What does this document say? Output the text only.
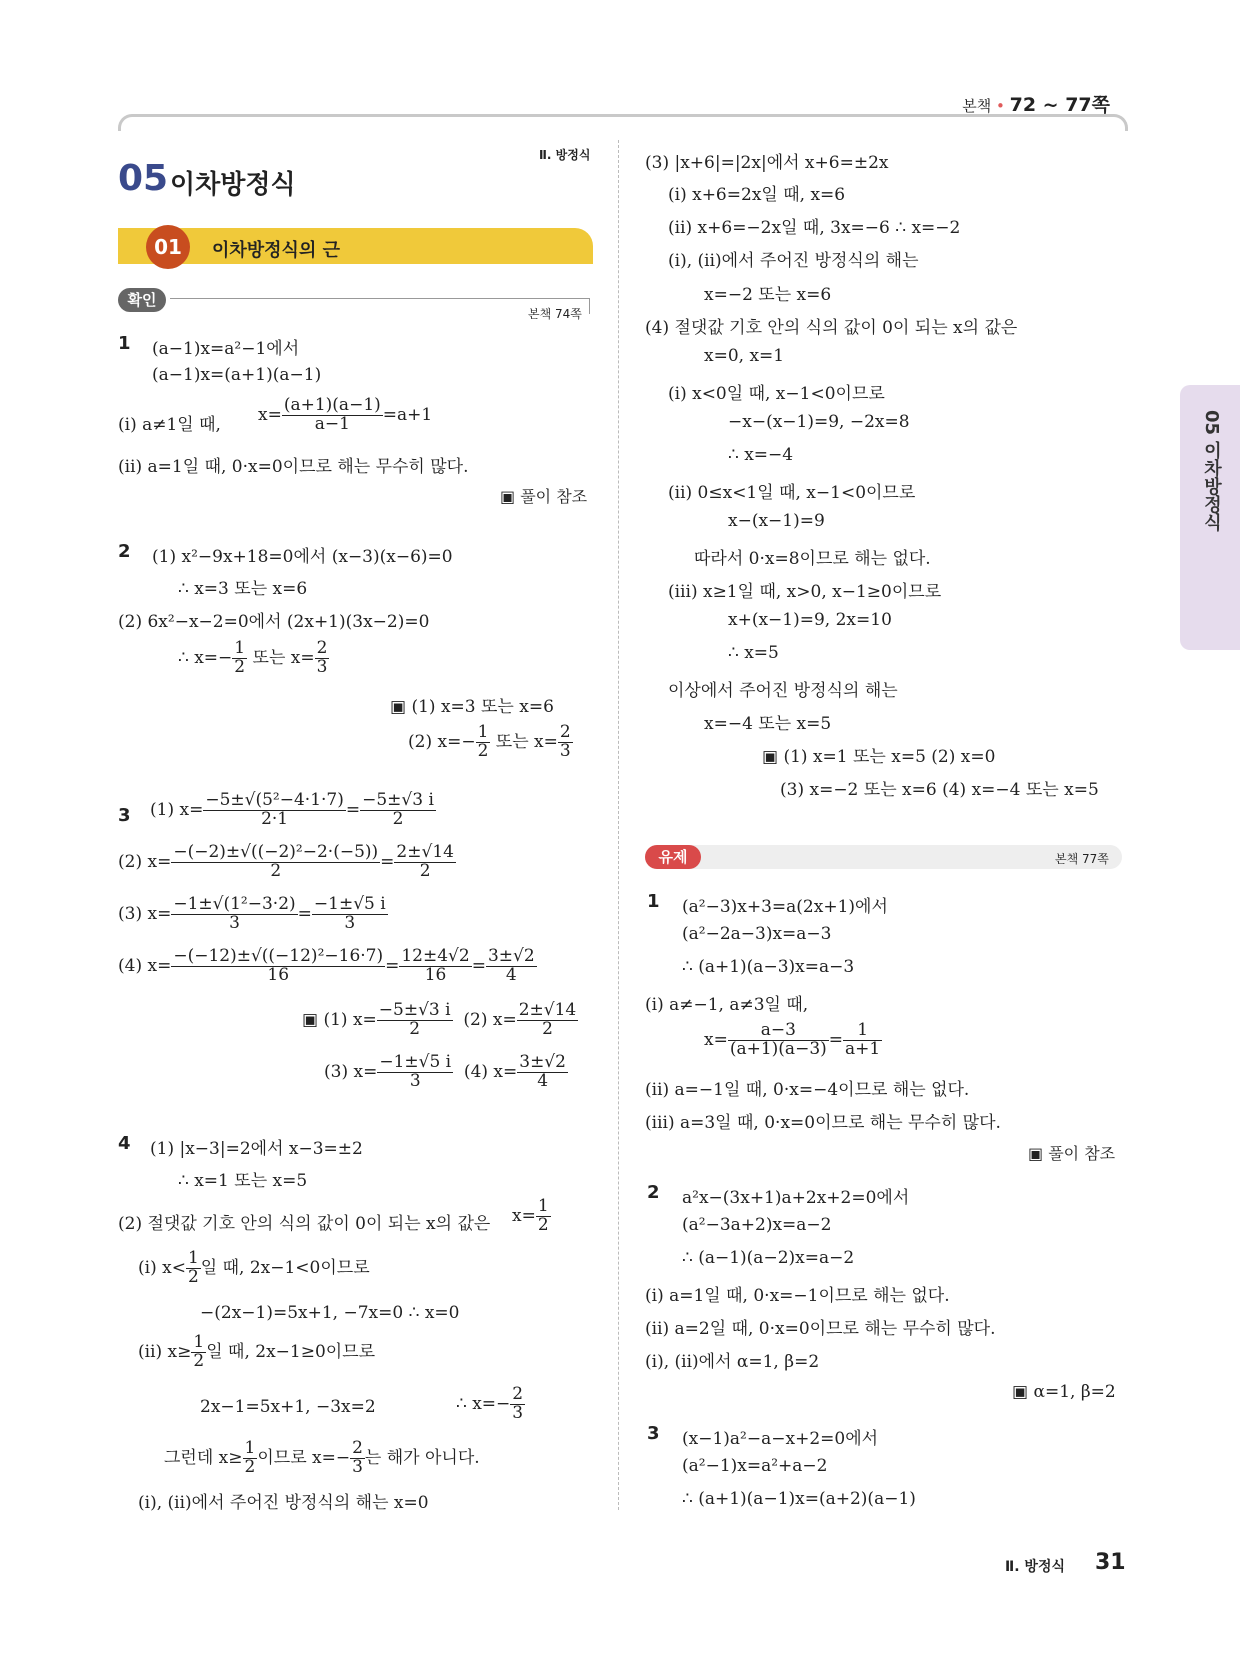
본책 • 72 ~ 77쪽
05 이차방정식
Ⅱ. 방정식
05 이차방정식
01	이차방정식의 근
확인
본책 74쪽
1 (a−1)x=a²−1에서
(a−1)x=(a+1)(a−1)
(ⅰ) a≠1일 때,
$x= \frac{(a+1)(a-1)}{a-1} =a+1$
(ⅱ) a=1일 때, 0·x=0이므로 해는 무수히 많다.
▣ 풀이 참조
2 (1) x²−9x+18=0에서 (x−3)(x−6)=0
∴ x=3 또는 x=6
(2) 6x²−x−2=0에서 (2x+1)(3x−2)=0
∴ $x=- \frac{1}{2}$ 또는 $x= \frac{2}{3}$
▣ (1) x=3 또는 x=6
(2) $x=- \frac{1}{2}$ 또는 $x= \frac{2}{3}$
3 (1) $x= \frac{\text{−5±√(5²−4·1·7)}}{2\cdot 1} = \frac{-5\pm√3 i}{2}$
(2) $x= \frac{\text{−(−2)±√((−2)²−2·(−5))}}{2} = \frac{2\pm√14}{2}$
(3) $x= \frac{\text{−1±√(1²−3·2)}}{3} = \frac{-1\pm√5 i}{3}$
(4) $x= \frac{\text{−(−12)±√((−12)²−16·7)}}{16} = \frac{12\pm 4√2}{16} = \frac{3\pm√2}{4}$
▣ (1) $x= \frac{-5\pm√3 i}{2} (2)$ $x= \frac{2\pm√14}{2}$
(3) $x= \frac{-1\pm√5 i}{3} (4)$ $x= \frac{3\pm√2}{4}$
4 (1) |x−3|=2에서 x−3=±2
∴ x=1 또는 x=5
(2) 절댓값 기호 안의 식의 값이 0이 되는 x의 값은 $x= \frac{1}{2}$
(ⅰ) $x< \frac{1}{2}$ 일 때, 2x−1<0이므로
−(2x−1)=5x+1, −7x=0 ∴ x=0
(ⅱ) $x\ge \frac{1}{2}$ 일 때, 2x−1≥0이므로
2x−1=5x+1, −3x=2	∴ $x=- \frac{2}{3}$
그런데 $x\ge \frac{1}{2}$ 이므로 $x=- \frac{2}{3}$ 는 해가 아니다.
(ⅰ), (ⅱ)에서 주어진 방정식의 해는 x=0
(3) |x+6|=|2x|에서 x+6=±2x
(ⅰ) x+6=2x일 때, x=6
(ⅱ) x+6=−2x일 때, 3x=−6 ∴ x=−2
(ⅰ), (ⅱ)에서 주어진 방정식의 해는
x=−2 또는 x=6
(4) 절댓값 기호 안의 식의 값이 0이 되는 x의 값은
x=0, x=1
(ⅰ) x<0일 때, x−1<0이므로
−x−(x−1)=9, −2x=8
∴ x=−4
(ⅱ) 0≤x<1일 때, x−1<0이므로
x−(x−1)=9
따라서 0·x=8이므로 해는 없다.
(ⅲ) x≥1일 때, x>0, x−1≥0이므로
x+(x−1)=9, 2x=10
∴ x=5
이상에서 주어진 방정식의 해는
x=−4 또는 x=5
▣ (1) x=1 또는 x=5 (2) x=0
(3) x=−2 또는 x=6 (4) x=−4 또는 x=5
유제	본책 77쪽
1 (a²−3)x+3=a(2x+1)에서
(a²−2a−3)x=a−3
∴ (a+1)(a−3)x=a−3
(ⅰ) a≠−1, a≠3일 때,
$x= \frac{a-3}{(a+1)(a-3)} = \frac{1}{a+1}$
(ⅱ) a=−1일 때, 0·x=−4이므로 해는 없다.
(ⅲ) a=3일 때, 0·x=0이므로 해는 무수히 많다.
▣ 풀이 참조
2 a²x−(3x+1)a+2x+2=0에서
(a²−3a+2)x=a−2
∴ (a−1)(a−2)x=a−2
(ⅰ) a=1일 때, 0·x=−1이므로 해는 없다.
(ⅱ) a=2일 때, 0·x=0이므로 해는 무수히 많다.
(ⅰ), (ⅱ)에서 α=1, β=2
▣ α=1, β=2
3 (x−1)a²−a−x+2=0에서
(a²−1)x=a²+a−2
∴ (a+1)(a−1)x=(a+2)(a−1)
Ⅱ. 방정식 31
